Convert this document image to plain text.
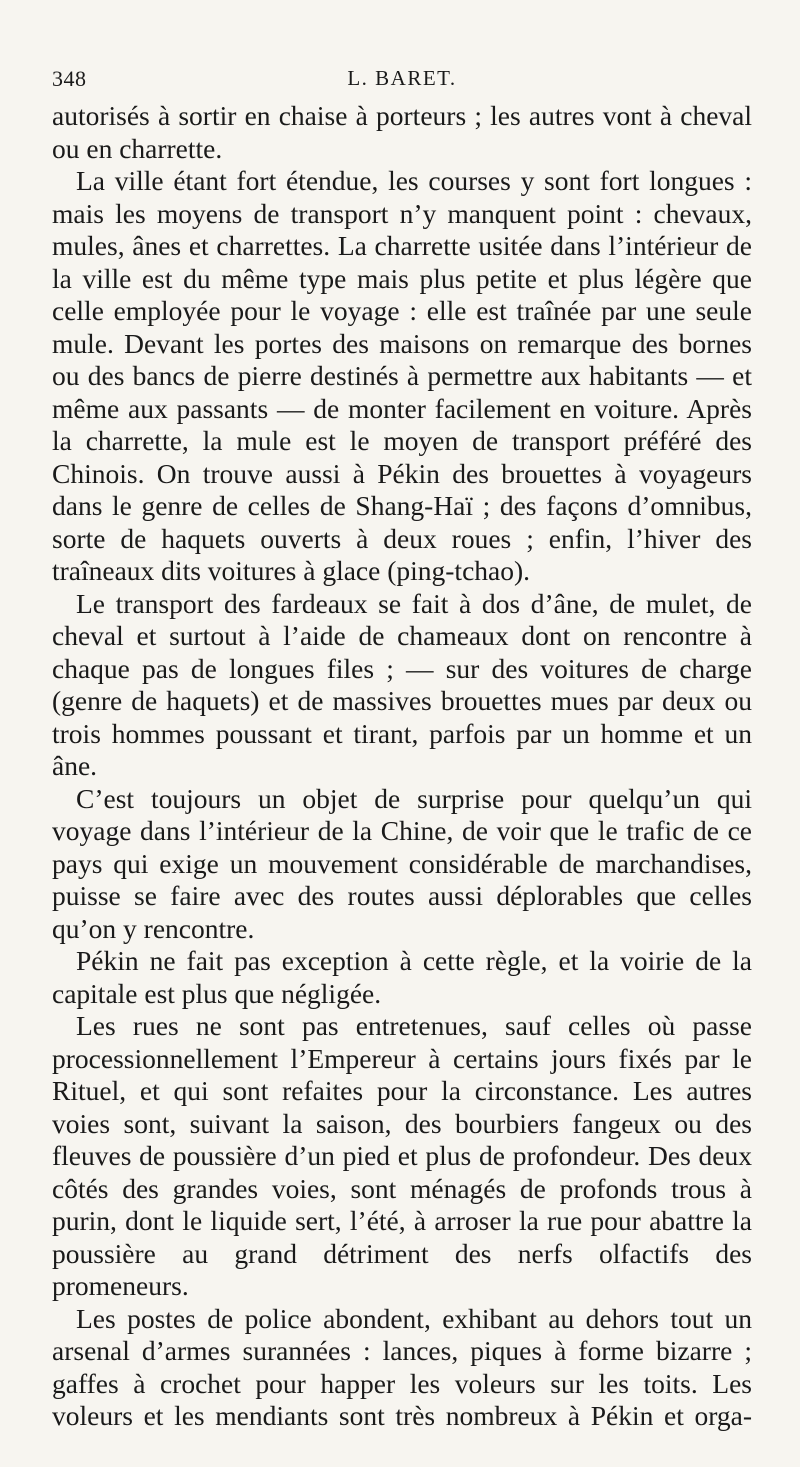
348	L. BARET.

autorisés à sortir en chaise à porteurs ; les autres vont à cheval ou en charrette.

La ville étant fort étendue, les courses y sont fort longues : mais les moyens de transport n’y manquent point : chevaux, mules, ânes et charrettes. La charrette usitée dans l’intérieur de la ville est du même type mais plus petite et plus légère que celle employée pour le voyage : elle est traînée par une seule mule. Devant les portes des maisons on remarque des bornes ou des bancs de pierre destinés à permettre aux habitants — et même aux passants — de monter facilement en voiture. Après la charrette, la mule est le moyen de transport préféré des Chinois. On trouve aussi à Pékin des brouettes à voyageurs dans le genre de celles de Shang-Haï ; des façons d’omnibus, sorte de haquets ouverts à deux roues ; enfin, l’hiver des traîneaux dits voitures à glace (ping-tchao).

Le transport des fardeaux se fait à dos d’âne, de mulet, de cheval et surtout à l’aide de chameaux dont on rencontre à chaque pas de longues files ; — sur des voitures de charge (genre de haquets) et de massives brouettes mues par deux ou trois hommes poussant et tirant, parfois par un homme et un âne.

C’est toujours un objet de surprise pour quelqu’un qui voyage dans l’intérieur de la Chine, de voir que le trafic de ce pays qui exige un mouvement considérable de marchandises, puisse se faire avec des routes aussi déplorables que celles qu’on y rencontre.

Pékin ne fait pas exception à cette règle, et la voirie de la capitale est plus que négligée.

Les rues ne sont pas entretenues, sauf celles où passe processionnellement l’Empereur à certains jours fixés par le Rituel, et qui sont refaites pour la circonstance. Les autres voies sont, suivant la saison, des bourbiers fangeux ou des fleuves de poussière d’un pied et plus de profondeur. Des deux côtés des grandes voies, sont ménagés de profonds trous à purin, dont le liquide sert, l’été, à arroser la rue pour abattre la poussière au grand détriment des nerfs olfactifs des promeneurs.

Les postes de police abondent, exhibant au dehors tout un arsenal d’armes surannées : lances, piques à forme bizarre ; gaffes à crochet pour happer les voleurs sur les toits. Les voleurs et les mendiants sont très nombreux à Pékin et orga-
